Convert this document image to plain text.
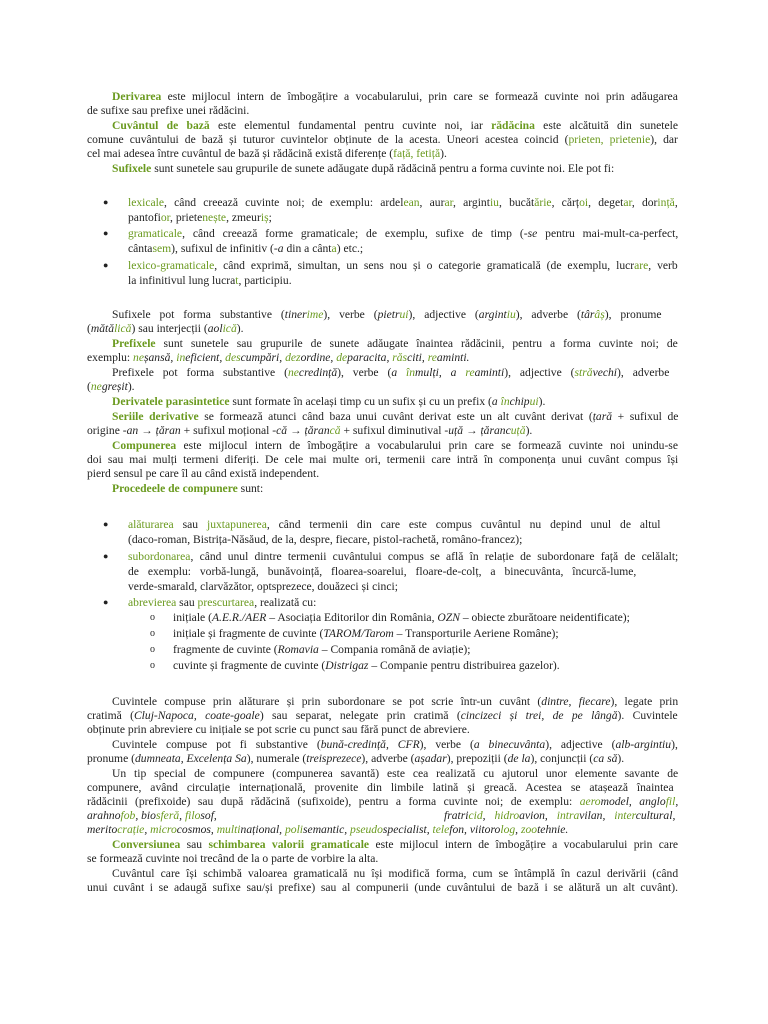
Derivarea este mijlocul intern de îmbogățire a vocabularului, prin care se formează cuvinte noi prin adăugarea
de sufixe sau prefixe unei rădăcini.
Cuvântul de bază este elementul fundamental pentru cuvinte noi, iar rădăcina este alcătuită din sunetele
comune cuvântului de bază și tuturor cuvintelor obținute de la acesta. Uneori acestea coincid (prieten, prietenie), dar
cel mai adesea între cuvântul de bază și rădăcină există diferențe (față, fetiță).
Sufixele sunt sunetele sau grupurile de sunete adăugate după rădăcină pentru a forma cuvinte noi. Ele pot fi:
● lexicale, când creează cuvinte noi; de exemplu: ardelean, aurar, argintiu, bucătărie, cărțoi, degetar, dorință,
pantofior, prietenește, zmeuriș;
● gramaticale, când creează forme gramaticale; de exemplu, sufixe de timp (-se pentru mai-mult-ca-perfect,
cântasem), sufixul de infinitiv (-a din a cânta) etc.;
● lexico-gramaticale, când exprimă, simultan, un sens nou și o categorie gramaticală (de exemplu, lucrare, verb
la infinitivul lung lucrat, participiu.
Sufixele pot forma substantive (tinerime), verbe (pietrui), adjective (argintiu), adverbe (târâș), pronume
(mătălică) sau interjecții (aolică).
Prefixele sunt sunetele sau grupurile de sunete adăugate înaintea rădăcinii, pentru a forma cuvinte noi; de
exemplu: neșansă, ineficient, descumpări, dezordine, deparacita, răsciti, reaminti.
Prefixele pot forma substantive (necredință), verbe (a înmulți, a reaminti), adjective (străvechi), adverbe
(negreșit).
Derivatele parasintetice sunt formate în același timp cu un sufix și cu un prefix (a închipui).
Seriile derivative se formează atunci când baza unui cuvânt derivat este un alt cuvânt derivat (țară + sufixul de
origine -an → țăran + sufixul moțional -că → țărancă + sufixul diminutival -uță → țărancuță).
Compunerea este mijlocul intern de îmbogățire a vocabularului prin care se formează cuvinte noi unindu-se
doi sau mai mulți termeni diferiți. De cele mai multe ori, termenii care intră în componența unui cuvânt compus își
pierd sensul pe care îl au când există independent.
Procedeele de compunere sunt:
● alăturarea sau juxtapunerea, când termenii din care este compus cuvântul nu depind unul de altul
(daco-roman, Bistrița-Năsăud, de la, despre, fiecare, pistol-rachetă, româno-francez);
● subordonarea, când unul dintre termenii cuvântului compus se află în relație de subordonare față de celălalt;
de exemplu: vorbă-lungă, bunăvoință, floarea-soarelui, floare-de-colț, a binecuvânta, încurcă-lume,
verde-smarald, clarvăzător, optsprezece, douăzeci și cinci;
● abrevierea sau prescurtarea, realizată cu:
o inițiale (A.E.R./AER – Asociația Editorilor din România, OZN – obiecte zburătoare neidentificate);
o inițiale și fragmente de cuvinte (TAROM/Tarom – Transporturile Aeriene Române);
o fragmente de cuvinte (Romavia – Compania română de aviație);
o cuvinte și fragmente de cuvinte (Distrigaz – Companie pentru distribuirea gazelor).
Cuvintele compuse prin alăturare și prin subordonare se pot scrie într-un cuvânt (dintre, fiecare), legate prin
cratimă (Cluj-Napoca, coate-goale) sau separat, nelegate prin cratimă (cincizeci și trei, de pe lângă). Cuvintele
obținute prin abreviere cu inițiale se pot scrie cu punct sau fără punct de abreviere.
Cuvintele compuse pot fi substantive (bună-credință, CFR), verbe (a binecuvânta), adjective (alb-argintiu),
pronume (dumneata, Excelența Sa), numerale (treisprezece), adverbe (așadar), prepoziții (de la), conjuncții (ca să).
Un tip special de compunere (compunerea savantă) este cea realizată cu ajutorul unor elemente savante de
compunere, având circulație internațională, provenite din limbile latină și greacă. Acestea se atașează înaintea
rădăcinii (prefixoide) sau după rădăcină (sufixoide), pentru a forma cuvinte noi; de exemplu: aeromodel, anglofil,
arahnofob, biosferă, filosof,	fratricid, hidroavion, intravilan, intercultural,
meritocrație, microcosmos, multinațional, polisemantic, pseudospecialist, telefon, viitorolog, zootehnie.
Conversiunea sau schimbarea valorii gramaticale este mijlocul intern de îmbogățire a vocabularului prin care
se formează cuvinte noi trecând de la o parte de vorbire la alta.
Cuvântul care își schimbă valoarea gramaticală nu își modifică forma, cum se întâmplă în cazul derivării (când
unui cuvânt i se adaugă sufixe sau/și prefixe) sau al compunerii (unde cuvântului de bază i se alătură un alt cuvânt).
